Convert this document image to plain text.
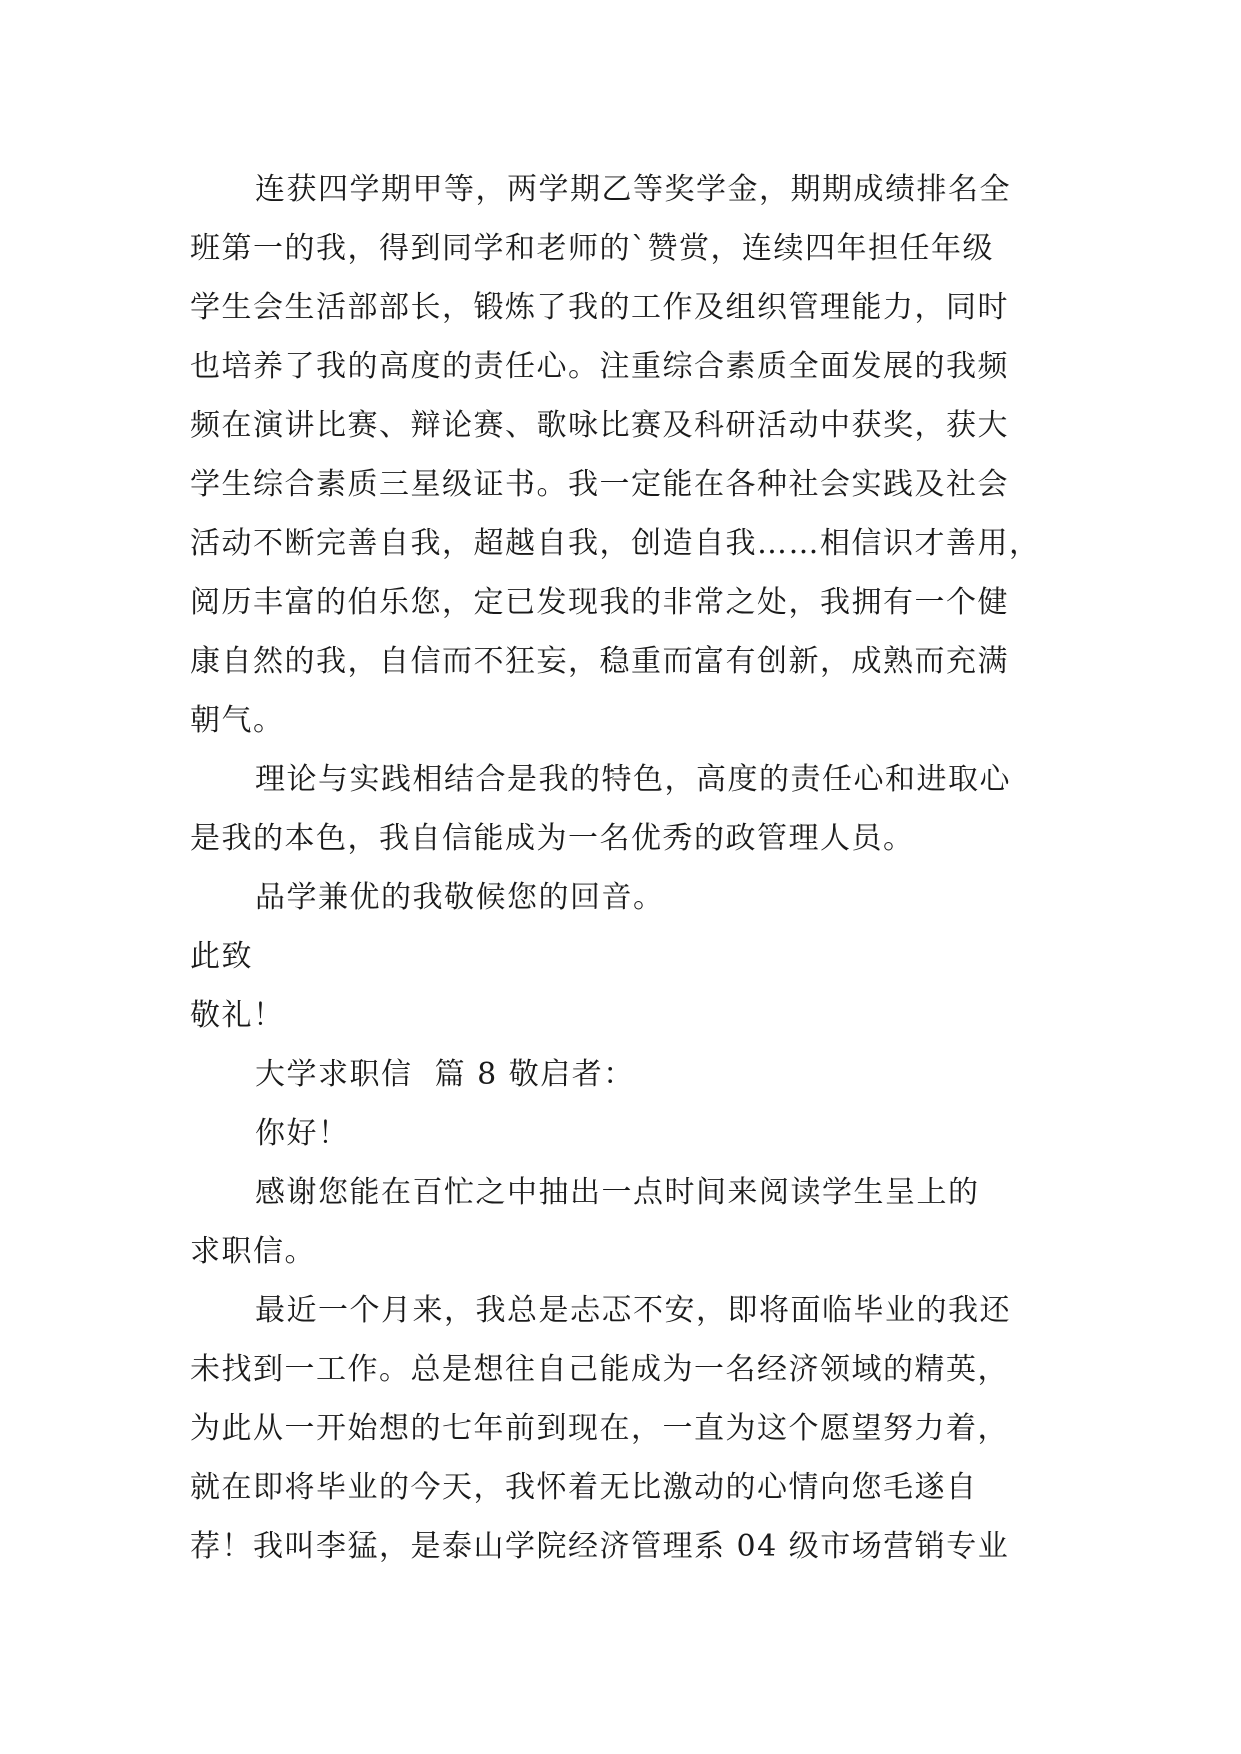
连获四学期甲等，两学期乙等奖学金，期期成绩排名全
班第一的我，得到同学和老师的`赞赏，连续四年担任年级
学生会生活部部长，锻炼了我的工作及组织管理能力，同时
也培养了我的高度的责任心。注重综合素质全面发展的我频
频在演讲比赛、辩论赛、歌咏比赛及科研活动中获奖，获大
学生综合素质三星级证书。我一定能在各种社会实践及社会
活动不断完善自我，超越自我，创造自我……相信识才善用，
阅历丰富的伯乐您，定已发现我的非常之处，我拥有一个健
康自然的我，自信而不狂妄，稳重而富有创新，成熟而充满
朝气。

理论与实践相结合是我的特色，高度的责任心和进取心
是我的本色，我自信能成为一名优秀的政管理人员。

品学兼优的我敬候您的回音。

此致

敬礼！

大学求职信  篇 8 敬启者：

你好！

感谢您能在百忙之中抽出一点时间来阅读学生呈上的
求职信。

最近一个月来，我总是忐忑不安，即将面临毕业的我还
未找到一工作。总是想往自己能成为一名经济领域的精英，
为此从一开始想的七年前到现在，一直为这个愿望努力着，
就在即将毕业的今天，我怀着无比激动的心情向您毛遂自
荐！我叫李猛，是泰山学院经济管理系 04 级市场营销专业
